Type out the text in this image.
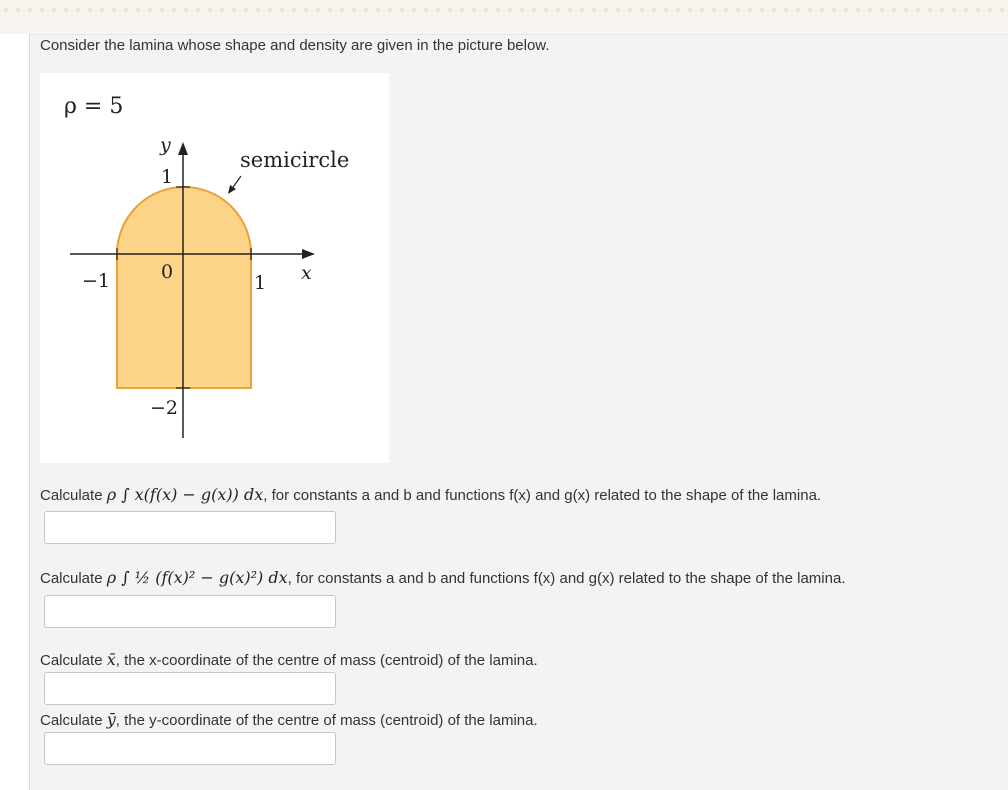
Consider the lamina whose shape and density are given in the picture below.
ρ = 5
y
1
semicircle
−1	0	1 x
−2
Calculate ρ ∫ x(f(x) − g(x)) dx, for constants a and b and functions f(x) and g(x) related to the shape of the lamina.
Calculate ρ ∫ ½ (f(x)² − g(x)²) dx, for constants a and b and functions f(x) and g(x) related to the shape of the lamina.
Calculate x̄, the x-coordinate of the centre of mass (centroid) of the lamina.
Calculate ȳ, the y-coordinate of the centre of mass (centroid) of the lamina.
